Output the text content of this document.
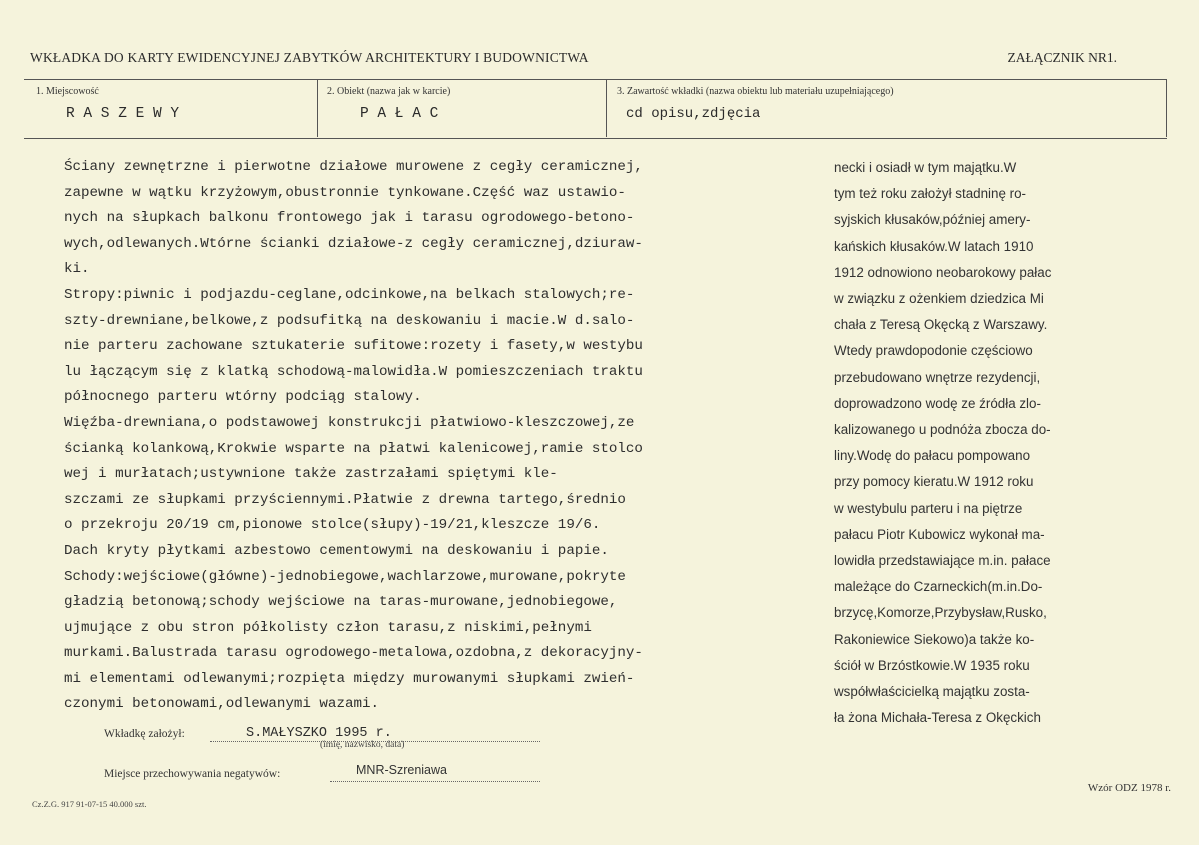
WKŁADKA DO KARTY EWIDENCYJNEJ ZABYTKÓW ARCHITEKTURY I BUDOWNICTWA	ZAŁĄCZNIK NR1.
1. Miejscowość
R A S Z E W Y
2. Obiekt (nazwa jak w karcie)
P A Ł A C
3. Zawartość wkładki (nazwa obiektu lub materiału uzupełniającego)
cd opisu,zdjęcia
Ściany zewnętrzne i pierwotne działowe murowene z cegły ceramicznej,
zapewne w wątku krzyżowym,obustronnie tynkowane.Część waz ustawio-
nych na słupkach balkonu frontowego jak i tarasu ogrodowego-betono-
wych,odlewanych.Wtórne ścianki działowe-z cegły ceramicznej,dziuraw-
ki.
Stropy:piwnic i podjazdu-ceglane,odcinkowe,na belkach stalowych;re-
szty-drewniane,belkowe,z podsufitką na deskowaniu i macie.W d.salo-
nie parteru zachowane sztukaterie sufitowe:rozety i fasety,w westybu
lu łączącym się z klatką schodową-malowidła.W pomieszczeniach traktu
północnego parteru wtórny podciąg stalowy.
Więźba-drewniana,o podstawowej konstrukcji płatwiowo-kleszczowej,ze
ścianką kolankową,Krokwie wsparte na płatwi kalenicowej,ramie stolco
wej i murłatach;ustywnione także zastrzałami spiętymi kle-
szczami ze słupkami przyściennymi.Płatwie z drewna tartego,średnio
o przekroju 20/19 cm,pionowe stolce(słupy)-19/21,kleszcze 19/6.
Dach kryty płytkami azbestowo cementowymi na deskowaniu i papie.
Schody:wejściowe(główne)-jednobiegowe,wachlarzowe,murowane,pokryte
gładzią betonową;schody wejściowe na taras-murowane,jednobiegowe,
ujmujące z obu stron półkolisty człon tarasu,z niskimi,pełnymi
murkami.Balustrada tarasu ogrodowego-metalowa,ozdobna,z dekoracyjny-
mi elementami odlewanymi;rozpięta między murowanymi słupkami zwień-
czonymi betonowami,odlewanymi wazami.
necki i osiadł w tym majątku.W
tym też roku założył stadninę ro-
syjskich kłusaków,później amery-
kańskich kłusaków.W latach 1910
1912 odnowiono neobarokowy pałac
w związku z ożenkiem dziedzica Mi
chała z Teresą Okęcką z Warszawy.
Wtedy prawdopodonie częściowo
przebudowano wnętrze rezydencji,
doprowadzono wodę ze źródła zlo-
kalizowanego u podnóża zbocza do-
liny.Wodę do pałacu pompowano
przy pomocy kieratu.W 1912 roku
w westybulu parteru i na piętrze
pałacu Piotr Kubowicz wykonał ma-
lowidła przedstawiające m.in. pałace
mależące do Czarneckich(m.in.Do-
brzycę,Komorze,Przybysław,Rusko,
Rakoniewice Siekowo)a także ko-
ściół w Brzóstkowie.W 1935 roku
współwłaścicielką majątku zosta-
ła żona Michała-Teresa z Okęckich
Wkładkę założył:	S.MAŁYSZKO 1995 r.
(imię, nazwisko, data)
Miejsce przechowywania negatywów:	MNR-Szreniawa
Cz.Z.G. 917 91-07-15 40.000 szt.
Wzór ODZ 1978 r.
